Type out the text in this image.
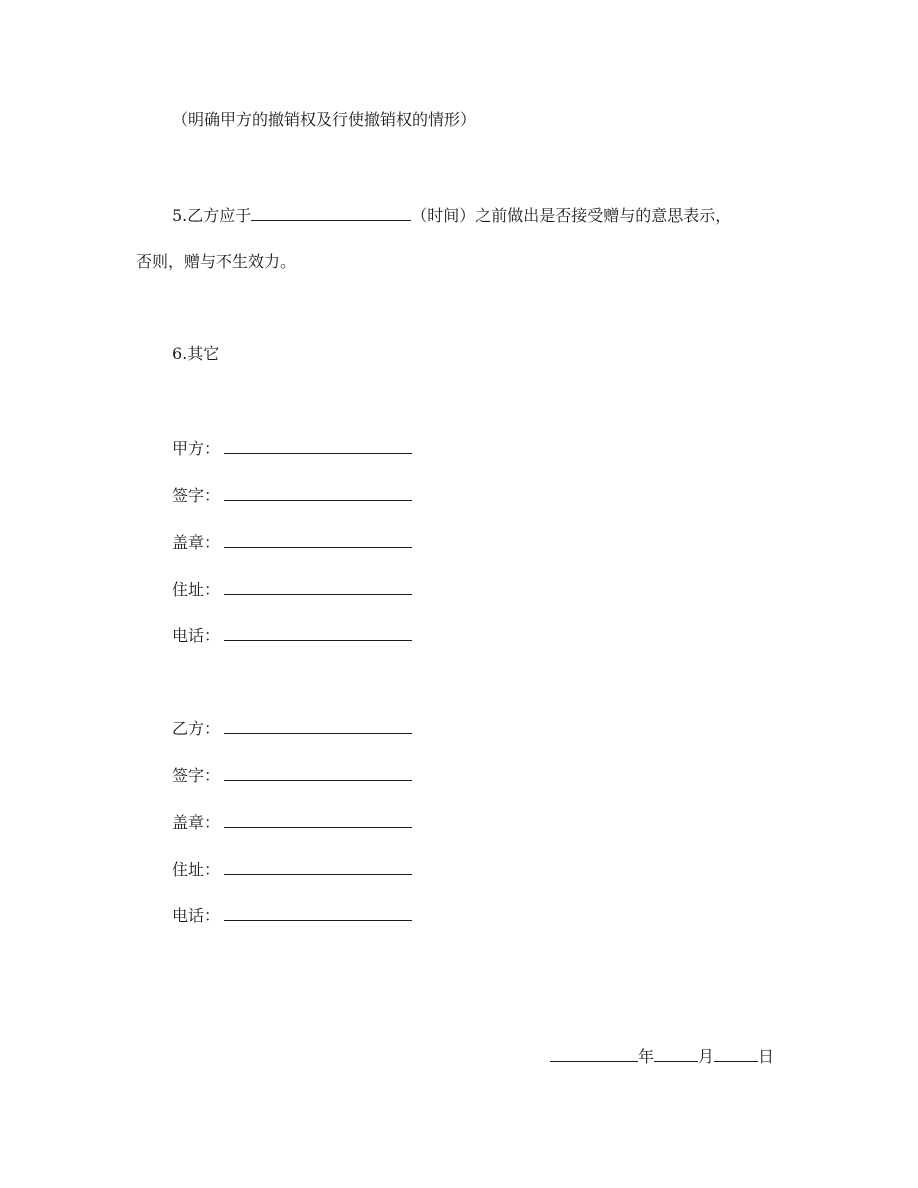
（明确甲方的撤销权及行使撤销权的情形）
5.乙方应于	（时间）之前做出是否接受赠与的意思表示，
否则，赠与不生效力。
6.其它
甲方：
签字：
盖章：
住址：
电话：
乙方：
签字：
盖章：
住址：
电话：
年	月	日
